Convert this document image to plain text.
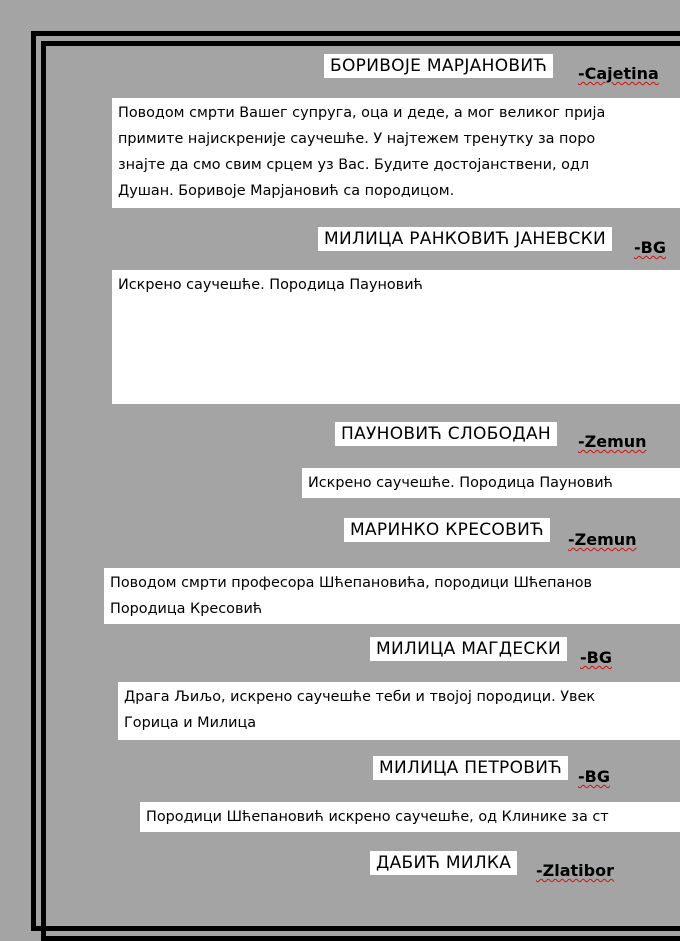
БОРИВОЈЕ МАРЈАНОВИЋ	-Cajetina
Поводом смрти Вашег супруга, оца и деде, а мог великог прија
примите најискреније саучешће. У најтежем тренутку за поро
знајте да смо свим срцем уз Вас. Будите достојанствени, одл
Душан. Боривоје Марјановић са породицом.
МИЛИЦА РАНКОВИЋ ЈАНЕВСКИ	-BG
Искрено саучешће. Породица Пауновић
ПАУНОВИЋ СЛОБОДАН	-Zemun
Искрено саучешће. Породица Пауновић
МАРИНКО КРЕСОВИЋ	-Zemun
Поводом смрти професора Шћепановића, породици Шћепанов
Породица Кресовић
МИЛИЦА МАГДЕСКИ	-BG
Драга Љиљо, искрено саучешће теби и твојој породици. Увек
Горица и Милица
МИЛИЦА ПЕТРОВИЋ	-BG
Породици Шћепановић искрено саучешће, од Клинике за ст
ДАБИЋ МИЛКА	-Zlatibor
